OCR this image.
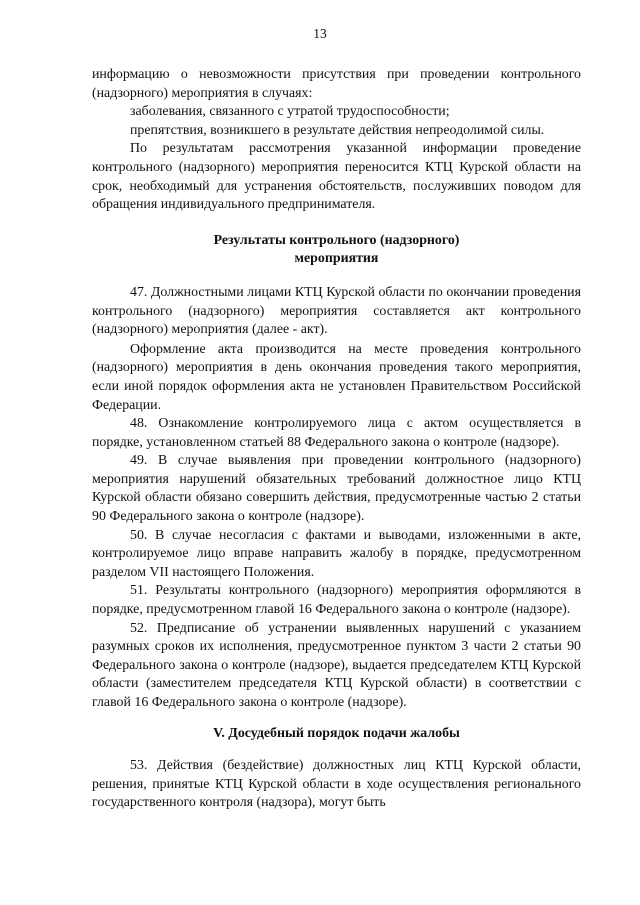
13

информацию о невозможности присутствия при проведении контрольного (надзорного) мероприятия в случаях:

заболевания, связанного с утратой трудоспособности;

препятствия, возникшего в результате действия непреодолимой силы.

По результатам рассмотрения указанной информации проведение контрольного (надзорного) мероприятия переносится КТЦ Курской области на срок, необходимый для устранения обстоятельств, послуживших поводом для обращения индивидуального предпринимателя.

Результаты контрольного (надзорного)
мероприятия

47. Должностными лицами КТЦ Курской области по окончании проведения контрольного (надзорного) мероприятия составляется акт контрольного (надзорного) мероприятия (далее - акт).

Оформление акта производится на месте проведения контрольного (надзорного) мероприятия в день окончания проведения такого мероприятия, если иной порядок оформления акта не установлен Правительством Российской Федерации.

48. Ознакомление контролируемого лица с актом осуществляется в порядке, установленном статьей 88 Федерального закона о контроле (надзоре).

49. В случае выявления при проведении контрольного (надзорного) мероприятия нарушений обязательных требований должностное лицо КТЦ Курской области обязано совершить действия, предусмотренные частью 2 статьи 90 Федерального закона о контроле (надзоре).

50. В случае несогласия с фактами и выводами, изложенными в акте, контролируемое лицо вправе направить жалобу в порядке, предусмотренном разделом VII настоящего Положения.

51. Результаты контрольного (надзорного) мероприятия оформляются в порядке, предусмотренном главой 16 Федерального закона о контроле (надзоре).

52. Предписание об устранении выявленных нарушений с указанием разумных сроков их исполнения, предусмотренное пунктом 3 части 2 статьи 90 Федерального закона о контроле (надзоре), выдается председателем КТЦ Курской области (заместителем председателя КТЦ Курской области) в соответствии с главой 16 Федерального закона о контроле (надзоре).

V. Досудебный порядок подачи жалобы

53. Действия (бездействие) должностных лиц КТЦ Курской области, решения, принятые КТЦ Курской области в ходе осуществления регионального государственного контроля (надзора), могут быть
